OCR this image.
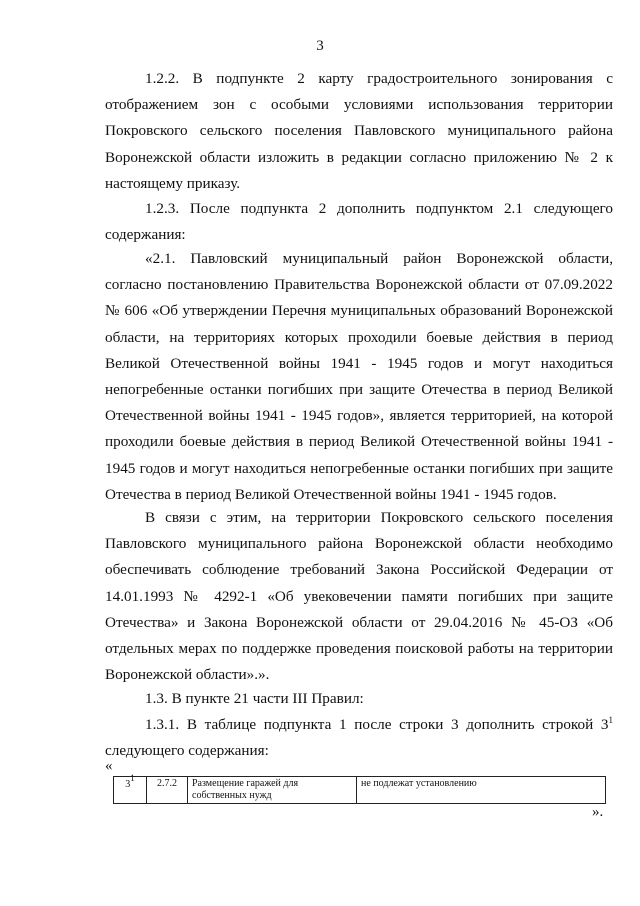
3
1.2.2. В подпункте 2 карту градостроительного зонирования с
отображением зон с особыми условиями использования территории
Покровского сельского поселения Павловского муниципального района
Воронежской области изложить в редакции согласно приложению № 2 к
настоящему приказу.
1.2.3. После подпункта 2 дополнить подпунктом 2.1 следующего
содержания:
«2.1. Павловский муниципальный район Воронежской области,
согласно постановлению Правительства Воронежской области от 07.09.2022
№ 606 «Об утверждении Перечня муниципальных образований Воронежской
области, на территориях которых проходили боевые действия в период
Великой Отечественной войны 1941 - 1945 годов и могут находиться
непогребенные останки погибших при защите Отечества в период Великой
Отечественной войны 1941 - 1945 годов», является территорией, на которой
проходили боевые действия в период Великой Отечественной войны 1941 -
1945 годов и могут находиться непогребенные останки погибших при защите
Отечества в период Великой Отечественной войны 1941 - 1945 годов.
В связи с этим, на территории Покровского сельского поселения
Павловского муниципального района Воронежской области необходимо
обеспечивать соблюдение требований Закона Российской Федерации от
14.01.1993 № 4292-1 «Об увековечении памяти погибших при защите
Отечества» и Закона Воронежской области от 29.04.2016 № 45-ОЗ «Об
отдельных мерах по поддержке проведения поисковой работы на территории
Воронежской области».».
1.3. В пункте 21 части III Правил:
1.3.1. В таблице подпункта 1 после строки 3 дополнить строкой $3^1$
следующего содержания:
«
$3^1$	2.7.2	Размещение гаражей для
собственных нужд
	не подлежат установлению
».
